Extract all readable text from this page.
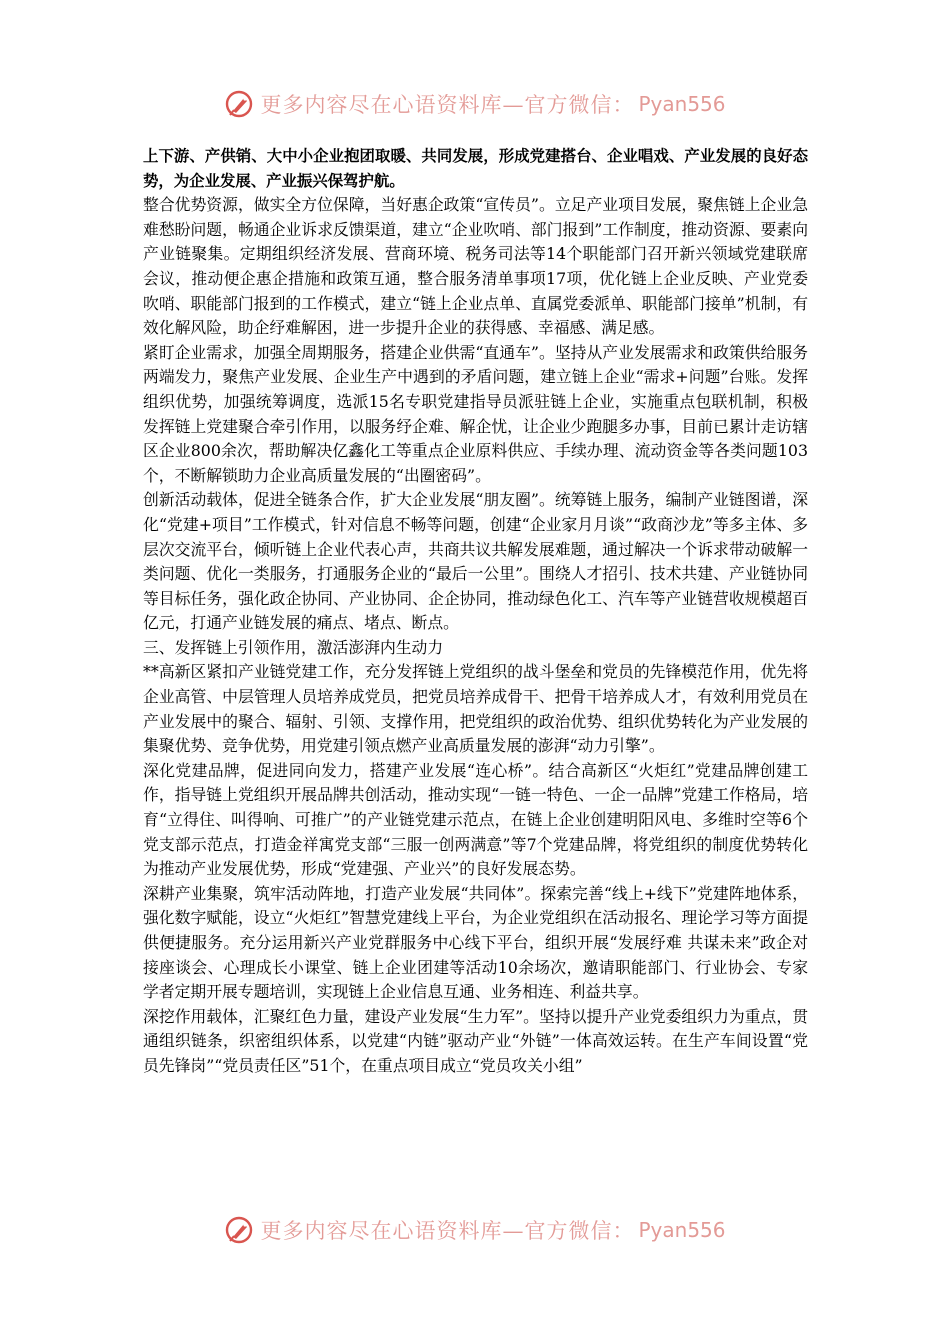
更多内容尽在心语资料库—官方微信： Pyan556

上下游、产供销、大中小企业抱团取暖、共同发展，形成党建搭台、企业唱戏、产业发展的良好态势，为企业发展、产业振兴保驾护航。

整合优势资源，做实全方位保障，当好惠企政策“宣传员”。立足产业项目发展，聚焦链上企业急难愁盼问题，畅通企业诉求反馈渠道，建立“企业吹哨、部门报到”工作制度，推动资源、要素向产业链聚集。定期组织经济发展、营商环境、税务司法等14个职能部门召开新兴领域党建联席会议，推动便企惠企措施和政策互通，整合服务清单事项17项，优化链上企业反映、产业党委吹哨、职能部门报到的工作模式，建立“链上企业点单、直属党委派单、职能部门接单”机制，有效化解风险，助企纾难解困，进一步提升企业的获得感、幸福感、满足感。

紧盯企业需求，加强全周期服务，搭建企业供需“直通车”。坚持从产业发展需求和政策供给服务两端发力，聚焦产业发展、企业生产中遇到的矛盾问题，建立链上企业“需求+问题”台账。发挥组织优势，加强统筹调度，选派15名专职党建指导员派驻链上企业，实施重点包联机制，积极发挥链上党建聚合牵引作用，以服务纾企难、解企忧，让企业少跑腿多办事，目前已累计走访辖区企业800余次，帮助解决亿鑫化工等重点企业原料供应、手续办理、流动资金等各类问题103个，不断解锁助力企业高质量发展的“出圈密码”。

创新活动载体，促进全链条合作，扩大企业发展“朋友圈”。统筹链上服务，编制产业链图谱，深化“党建+项目”工作模式，针对信息不畅等问题，创建“企业家月月谈”“政商沙龙”等多主体、多层次交流平台，倾听链上企业代表心声，共商共议共解发展难题，通过解决一个诉求带动破解一类问题、优化一类服务，打通服务企业的“最后一公里”。围绕人才招引、技术共建、产业链协同等目标任务，强化政企协同、产业协同、企企协同，推动绿色化工、汽车等产业链营收规模超百亿元，打通产业链发展的痛点、堵点、断点。

三、发挥链上引领作用，激活澎湃内生动力

**高新区紧扣产业链党建工作，充分发挥链上党组织的战斗堡垒和党员的先锋模范作用，优先将企业高管、中层管理人员培养成党员，把党员培养成骨干、把骨干培养成人才，有效利用党员在产业发展中的聚合、辐射、引领、支撑作用，把党组织的政治优势、组织优势转化为产业发展的集聚优势、竞争优势，用党建引领点燃产业高质量发展的澎湃“动力引擎”。

深化党建品牌，促进同向发力，搭建产业发展“连心桥”。结合高新区“火炬红”党建品牌创建工作，指导链上党组织开展品牌共创活动，推动实现“一链一特色、一企一品牌”党建工作格局，培育“立得住、叫得响、可推广”的产业链党建示范点，在链上企业创建明阳风电、多维时空等6个党支部示范点，打造金祥寓党支部“三服一创两满意”等7个党建品牌，将党组织的制度优势转化为推动产业发展优势，形成“党建强、产业兴”的良好发展态势。

深耕产业集聚，筑牢活动阵地，打造产业发展“共同体”。探索完善“线上+线下”党建阵地体系，强化数字赋能，设立“火炬红”智慧党建线上平台，为企业党组织在活动报名、理论学习等方面提供便捷服务。充分运用新兴产业党群服务中心线下平台，组织开展“发展纾难 共谋未来”政企对接座谈会、心理成长小课堂、链上企业团建等活动10余场次，邀请职能部门、行业协会、专家学者定期开展专题培训，实现链上企业信息互通、业务相连、利益共享。

深挖作用载体，汇聚红色力量，建设产业发展“生力军”。坚持以提升产业党委组织力为重点，贯通组织链条，织密组织体系，以党建“内链”驱动产业“外链”一体高效运转。在生产车间设置“党员先锋岗”“党员责任区”51个，在重点项目成立“党员攻关小组”

更多内容尽在心语资料库—官方微信： Pyan556
